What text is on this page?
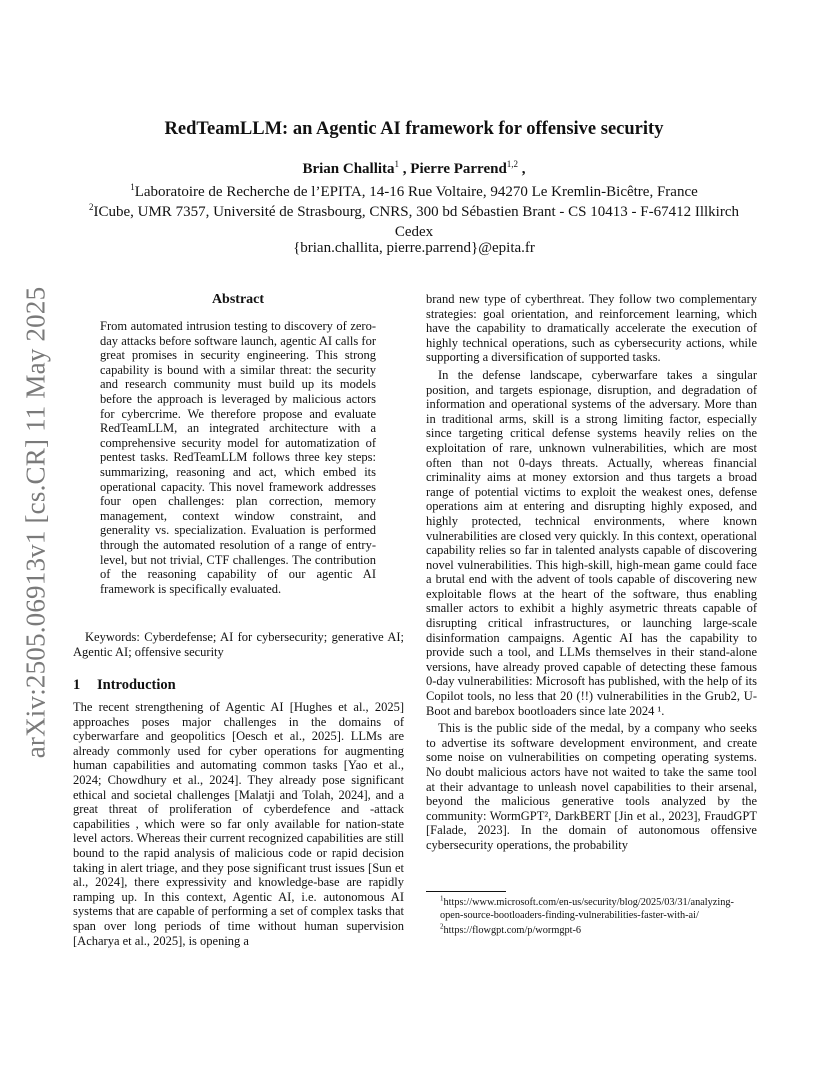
arXiv:2505.06913v1 [cs.CR] 11 May 2025
RedTeamLLM: an Agentic AI framework for offensive security
Brian Challita$^1$ , Pierre Parrend$^{1,2}$ ,
$^1$Laboratoire de Recherche de l’EPITA, 14-16 Rue Voltaire, 94270 Le Kremlin-Bicêtre, France
$^2$ICube, UMR 7357, Université de Strasbourg, CNRS, 300 bd Sébastien Brant - CS 10413 - F-67412 Illkirch Cedex
{brian.challita, pierre.parrend}@epita.fr
Abstract
From automated intrusion testing to discovery of zero-day attacks before software launch, agentic AI calls for great promises in security engineering. This strong capability is bound with a similar threat: the security and research community must build up its models before the approach is leveraged by malicious actors for cybercrime. We therefore propose and evaluate RedTeamLLM, an integrated architecture with a comprehensive security model for automatization of pentest tasks. RedTeamLLM follows three key steps: summarizing, reasoning and act, which embed its operational capacity. This novel framework addresses four open challenges: plan correction, memory management, context window constraint, and generality vs. specialization. Evaluation is performed through the automated resolution of a range of entry-level, but not trivial, CTF challenges. The contribution of the reasoning capability of our agentic AI framework is specifically evaluated.
Keywords: Cyberdefense; AI for cybersecurity; generative AI; Agentic AI; offensive security
1 Introduction

The recent strengthening of Agentic AI [Hughes et al., 2025] approaches poses major challenges in the domains of cyberwarfare and geopolitics [Oesch et al., 2025]. LLMs are already commonly used for cyber operations for augmenting human capabilities and automating common tasks [Yao et al., 2024; Chowdhury et al., 2024]. They already pose significant ethical and societal challenges [Malatji and Tolah, 2024], and a great threat of proliferation of cyberdefence and -attack capabilities , which were so far only available for nation-state level actors. Whereas their current recognized capabilities are still bound to the rapid analysis of malicious code or rapid decision taking in alert triage, and they pose significant trust issues [Sun et al., 2024], there expressivity and knowledge-base are rapidly ramping up. In this context, Agentic AI, i.e. autonomous AI systems that are capable of performing a set of complex tasks that span over long periods of time without human supervision [Acharya et al., 2025], is opening a

brand new type of cyberthreat. They follow two complementary strategies: goal orientation, and reinforcement learning, which have the capability to dramatically accelerate the execution of highly technical operations, such as cybersecurity actions, while supporting a diversification of supported tasks.

In the defense landscape, cyberwarfare takes a singular position, and targets espionage, disruption, and degradation of information and operational systems of the adversary. More than in traditional arms, skill is a strong limiting factor, especially since targeting critical defense systems heavily relies on the exploitation of rare, unknown vulnerabilities, which are most often than not 0-days threats. Actually, whereas financial criminality aims at money extorsion and thus targets a broad range of potential victims to exploit the weakest ones, defense operations aim at entering and disrupting highly exposed, and highly protected, technical environments, where known vulnerabilities are closed very quickly. In this context, operational capability relies so far in talented analysts capable of discovering novel vulnerabilities. This high-skill, high-mean game could face a brutal end with the advent of tools capable of discovering new exploitable flows at the heart of the software, thus enabling smaller actors to exhibit a highly asymetric threats capable of disrupting critical infrastructures, or launching large-scale disinformation campaigns. Agentic AI has the capability to provide such a tool, and LLMs themselves in their stand-alone versions, have already proved capable of detecting these famous 0-day vulnerabilities: Microsoft has published, with the help of its Copilot tools, no less that 20 (!!) vulnerabilities in the Grub2, U-Boot and barebox bootloaders since late 2024 ¹.

This is the public side of the medal, by a company who seeks to advertise its software development environment, and create some noise on vulnerabilities on competing operating systems. No doubt malicious actors have not waited to take the same tool at their advantage to unleash novel capabilities to their arsenal, beyond the malicious generative tools analyzed by the community: WormGPT², DarkBERT [Jin et al., 2023], FraudGPT [Falade, 2023]. In the domain of autonomous offensive cybersecurity operations, the probability

$^1$https://www.microsoft.com/en-us/security/blog/2025/03/31/analyzing-open-source-bootloaders-finding-vulnerabilities-faster-with-ai/
$^2$https://flowgpt.com/p/wormgpt-6
